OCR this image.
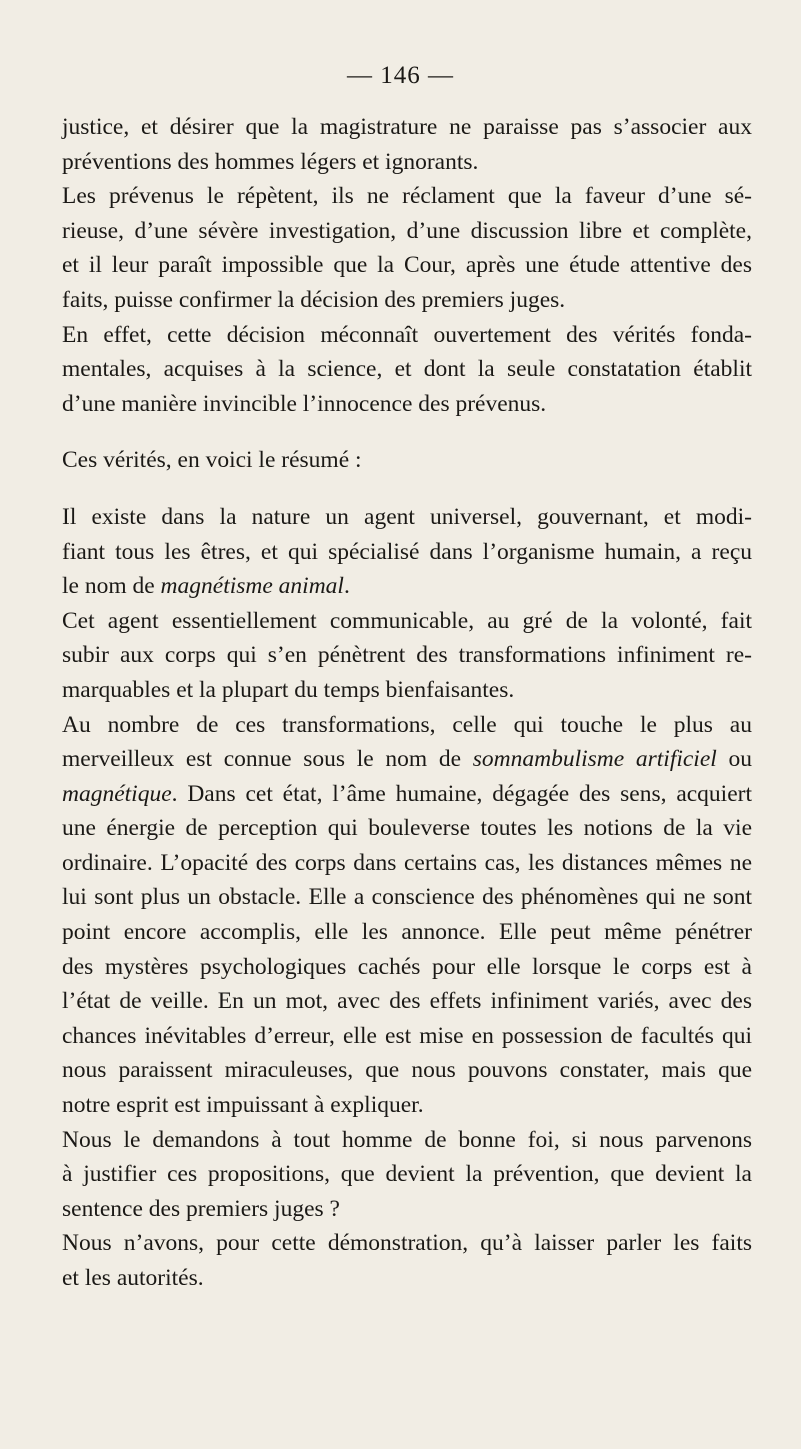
— 146 —

justice, et désirer que la magistrature ne paraisse pas s’associer aux
préventions des hommes légers et ignorants.

Les prévenus le répètent, ils ne réclament que la faveur d’une sé-
rieuse, d’une sévère investigation, d’une discussion libre et complète,
et il leur paraît impossible que la Cour, après une étude attentive des
faits, puisse confirmer la décision des premiers juges.

En effet, cette décision méconnaît ouvertement des vérités fonda-
mentales, acquises à la science, et dont la seule constatation établit
d’une manière invincible l’innocence des prévenus.

Ces vérités, en voici le résumé :

Il existe dans la nature un agent universel, gouvernant, et modi-
fiant tous les êtres, et qui spécialisé dans l’organisme humain, a reçu
le nom de magnétisme animal.

Cet agent essentiellement communicable, au gré de la volonté, fait
subir aux corps qui s’en pénètrent des transformations infiniment re-
marquables et la plupart du temps bienfaisantes.

Au nombre de ces transformations, celle qui touche le plus au
merveilleux est connue sous le nom de somnambulisme artificiel ou
magnétique. Dans cet état, l’âme humaine, dégagée des sens, acquiert
une énergie de perception qui bouleverse toutes les notions de la vie
ordinaire. L’opacité des corps dans certains cas, les distances mêmes ne
lui sont plus un obstacle. Elle a conscience des phénomènes qui ne sont
point encore accomplis, elle les annonce. Elle peut même pénétrer
des mystères psychologiques cachés pour elle lorsque le corps est à
l’état de veille. En un mot, avec des effets infiniment variés, avec des
chances inévitables d’erreur, elle est mise en possession de facultés qui
nous paraissent miraculeuses, que nous pouvons constater, mais que
notre esprit est impuissant à expliquer.

Nous le demandons à tout homme de bonne foi, si nous parvenons
à justifier ces propositions, que devient la prévention, que devient la
sentence des premiers juges ?

Nous n’avons, pour cette démonstration, qu’à laisser parler les faits
et les autorités.
